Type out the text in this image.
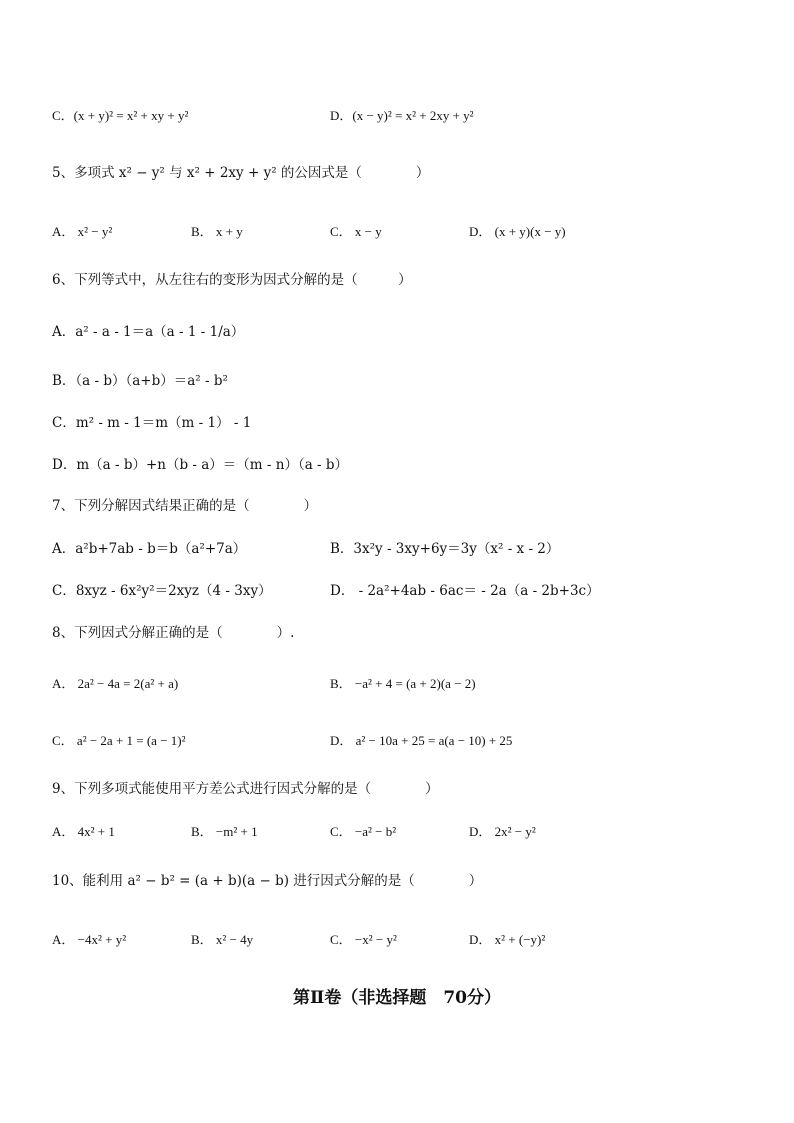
C．(x + y)² = x² + xy + y²	D．(x − y)² = x² + 2xy + y²
5、多项式 x² − y² 与 x² + 2xy + y² 的公因式是（　　　　）
A． x² − y²	B． x + y	C． x − y	D． (x + y)(x − y)
6、下列等式中，从左往右的变形为因式分解的是（　　　）
A．a² - a - 1＝a（a - 1 - 1/a）
B．（a - b）（a+b）＝a² - b²
C．m² - m - 1＝m（m - 1） - 1
D．m（a - b）+n（b - a）＝（m - n）（a - b）
7、下列分解因式结果正确的是（　　　　）
A．a²b+7ab - b＝b（a²+7a）	B．3x²y - 3xy+6y＝3y（x² - x - 2）
C．8xyz - 6x²y²＝2xyz（4 - 3xy）	D． - 2a²+4ab - 6ac＝ - 2a（a - 2b+3c）
8、下列因式分解正确的是（　　　　）.
A． 2a² − 4a = 2(a² + a)	B． −a² + 4 = (a + 2)(a − 2)
C． a² − 2a + 1 = (a − 1)²	D． a² − 10a + 25 = a(a − 10) + 25
9、下列多项式能使用平方差公式进行因式分解的是（　　　　）
A． 4x² + 1	B． −m² + 1	C． −a² − b²	D． 2x² − y²
10、能利用 a² − b² = (a + b)(a − b) 进行因式分解的是（　　　　）
A． −4x² + y²	B． x² − 4y	C． −x² − y²	D． x² + (−y)²
第Ⅱ卷（非选择题　70分）
